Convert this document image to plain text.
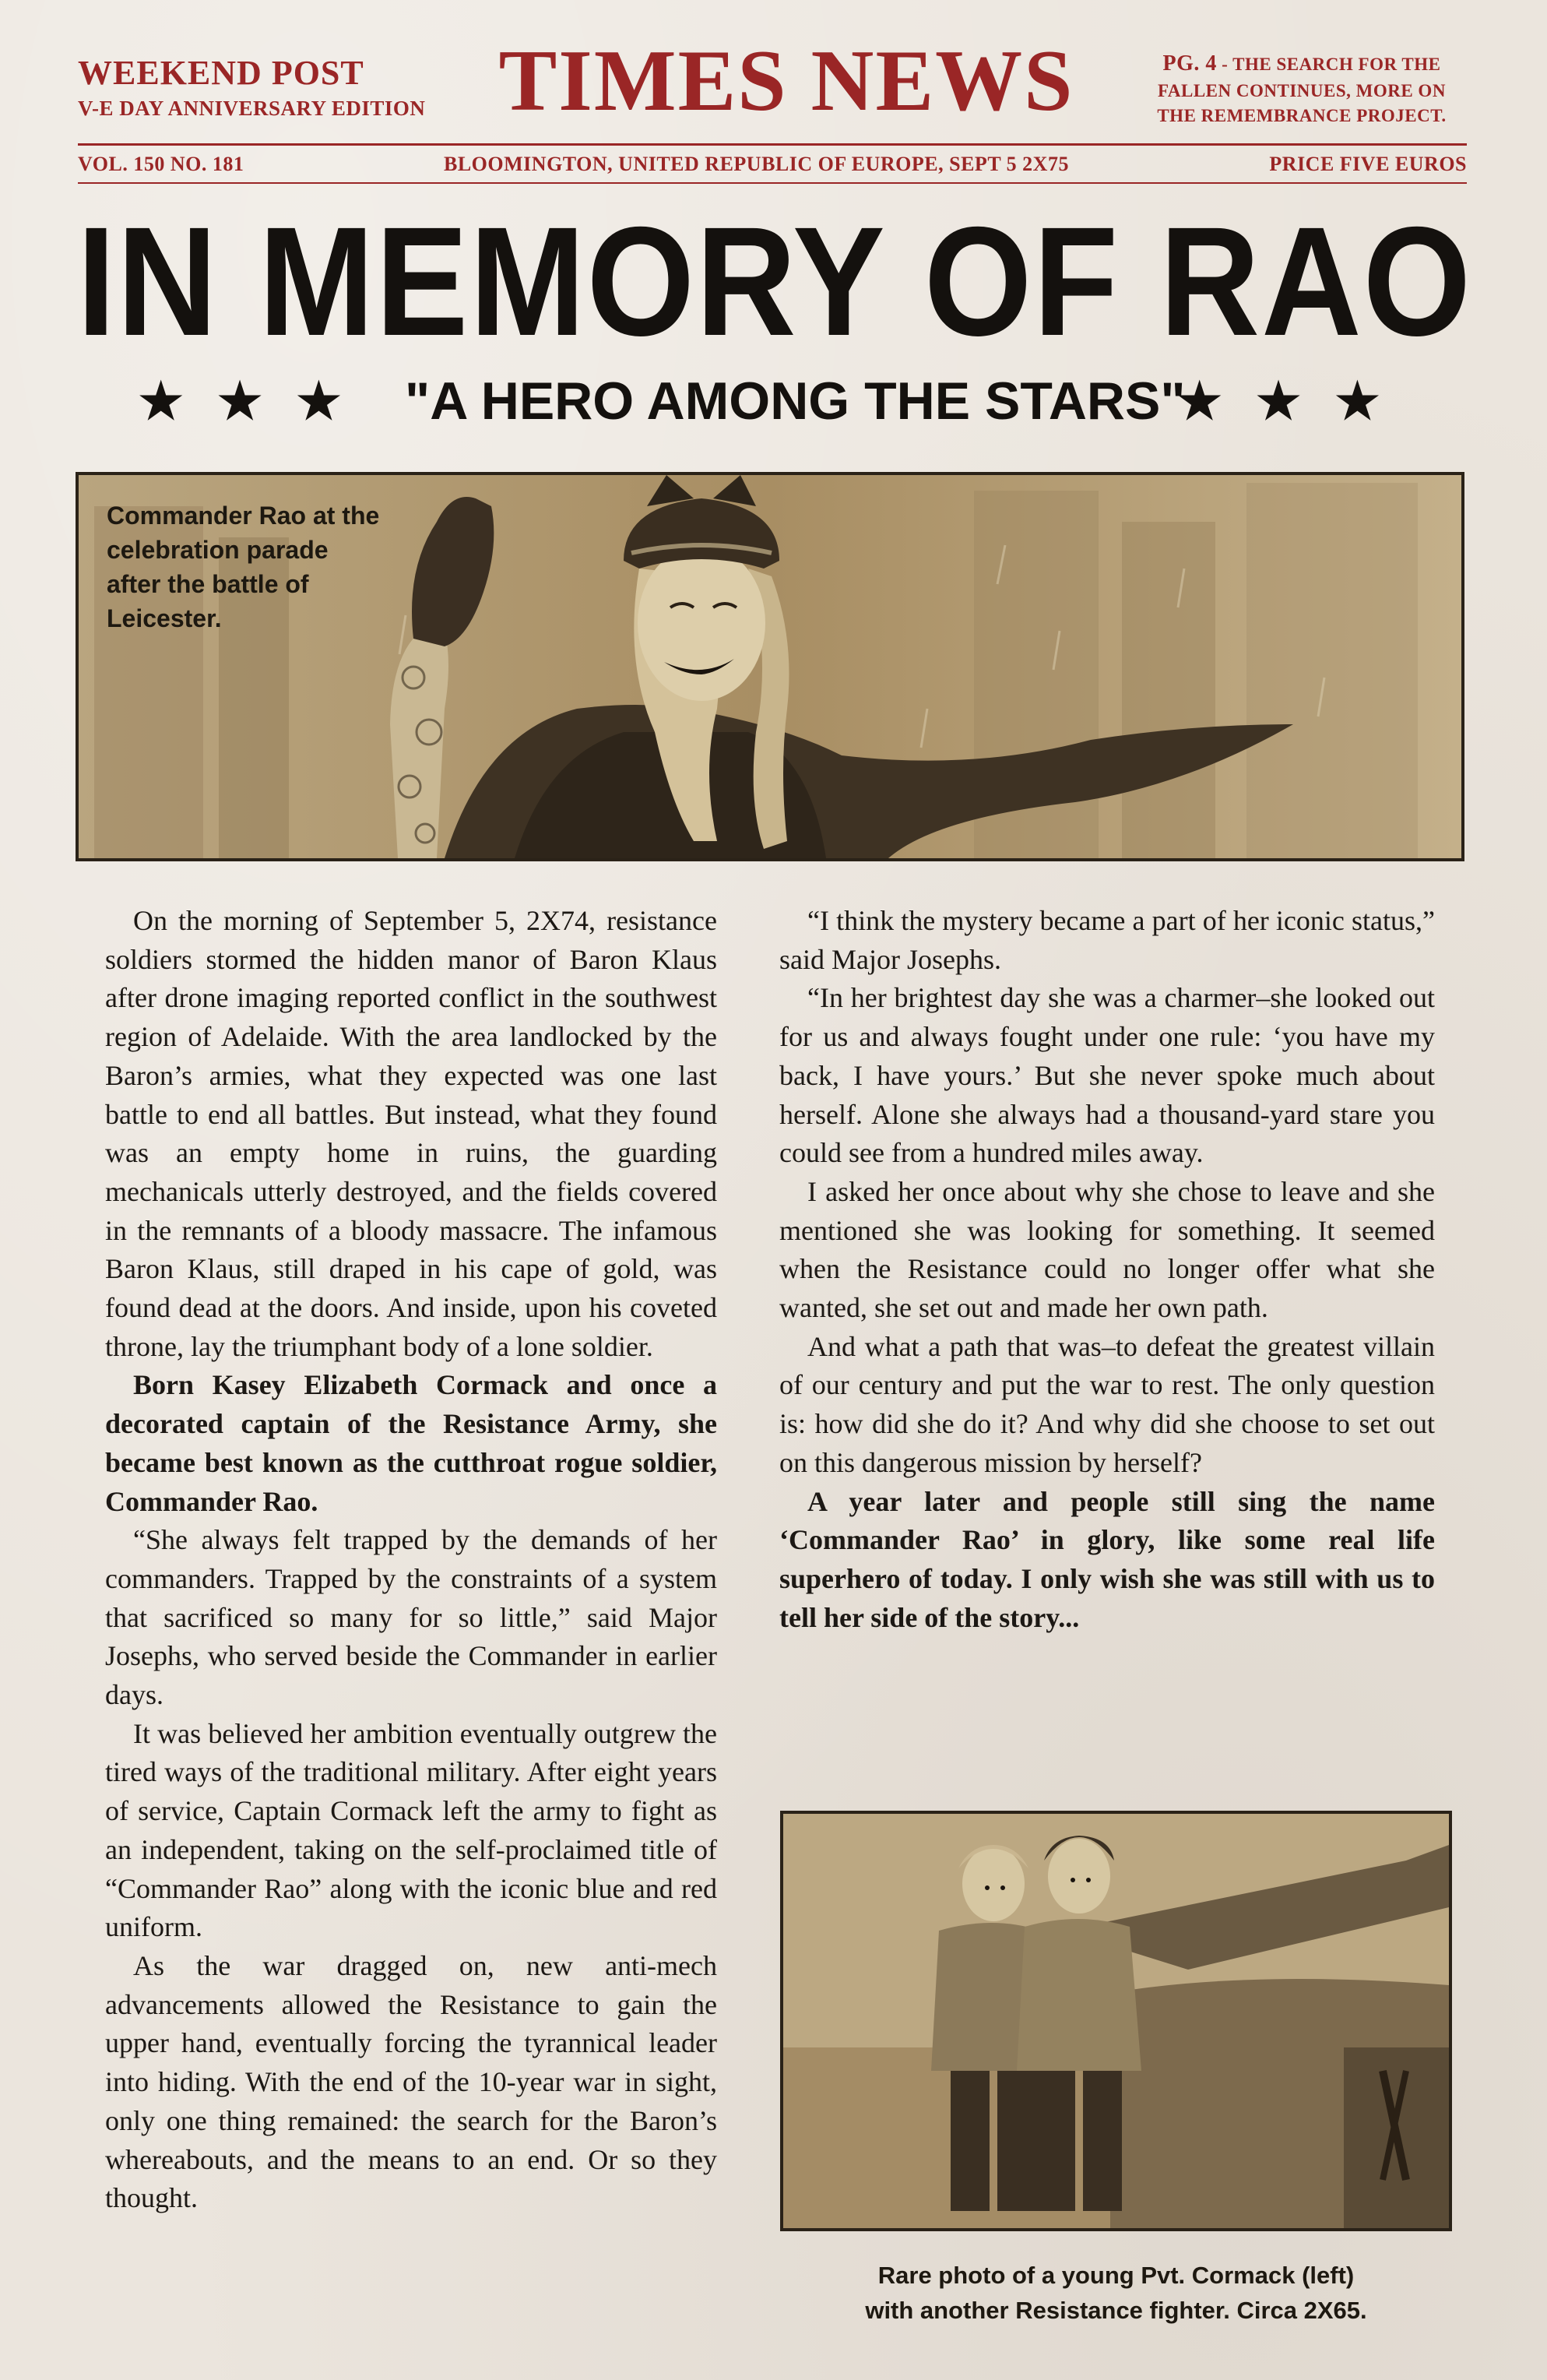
WEEKEND POST
V-E DAY ANNIVERSARY EDITION TIMES NEWS	PG. 4 - THE SEARCH FOR THE
FALLEN CONTINUES, MORE ON
THE REMEMBRANCE PROJECT.
VOL. 150 NO. 181	BLOOMINGTON, UNITED REPUBLIC OF EUROPE, SEPT 5 2X75	PRICE FIVE EUROS
IN MEMORY OF RAO
★★★ "A HERO AMONG THE STARS"
★★★
Commander Rao at the celebration parade after the battle of Leicester.

On the morning of September 5, 2X74, resistance soldiers stormed the hidden manor of Baron Klaus after drone imaging reported conflict in the southwest region of Adelaide. With the area landlocked by the Baron’s armies, what they expected was one last battle to end all battles. But instead, what they found was an empty home in ruins, the guarding mechanicals utterly destroyed, and the fields covered in the remnants of a bloody massacre. The infamous Baron Klaus, still draped in his cape of gold, was found dead at the doors. And inside, upon his coveted throne, lay the triumphant body of a lone soldier.

Born Kasey Elizabeth Cormack and once a decorated captain of the Resistance Army, she became best known as the cutthroat rogue soldier, Commander Rao.

“She always felt trapped by the demands of her commanders. Trapped by the constraints of a system that sacrificed so many for so little,” said Major Josephs, who served beside the Commander in earlier days.

It was believed her ambition eventually outgrew the tired ways of the traditional military. After eight years of service, Captain Cormack left the army to fight as an independent, taking on the self-proclaimed title of “Commander Rao” along with the iconic blue and red uniform.

As the war dragged on, new anti-mech advancements allowed the Resistance to gain the upper hand, eventually forcing the tyrannical leader into hiding. With the end of the 10-year war in sight, only one thing remained: the search for the Baron’s whereabouts, and the means to an end. Or so they thought.

“I think the mystery became a part of her iconic status,” said Major Josephs.

“In her brightest day she was a charmer–she looked out for us and always fought under one rule: ‘you have my back, I have yours.’ But she never spoke much about herself. Alone she always had a thousand-yard stare you could see from a hundred miles away.

I asked her once about why she chose to leave and she mentioned she was looking for something. It seemed when the Resistance could no longer offer what she wanted, she set out and made her own path.

And what a path that was–to defeat the greatest villain of our century and put the war to rest. The only question is: how did she do it? And why did she choose to set out on this dangerous mission by herself?

A year later and people still sing the name ‘Commander Rao’ in glory, like some real life superhero of today. I only wish she was still with us to tell her side of the story...

Rare photo of a young Pvt. Cormack (left)
with another Resistance fighter. Circa 2X65.
